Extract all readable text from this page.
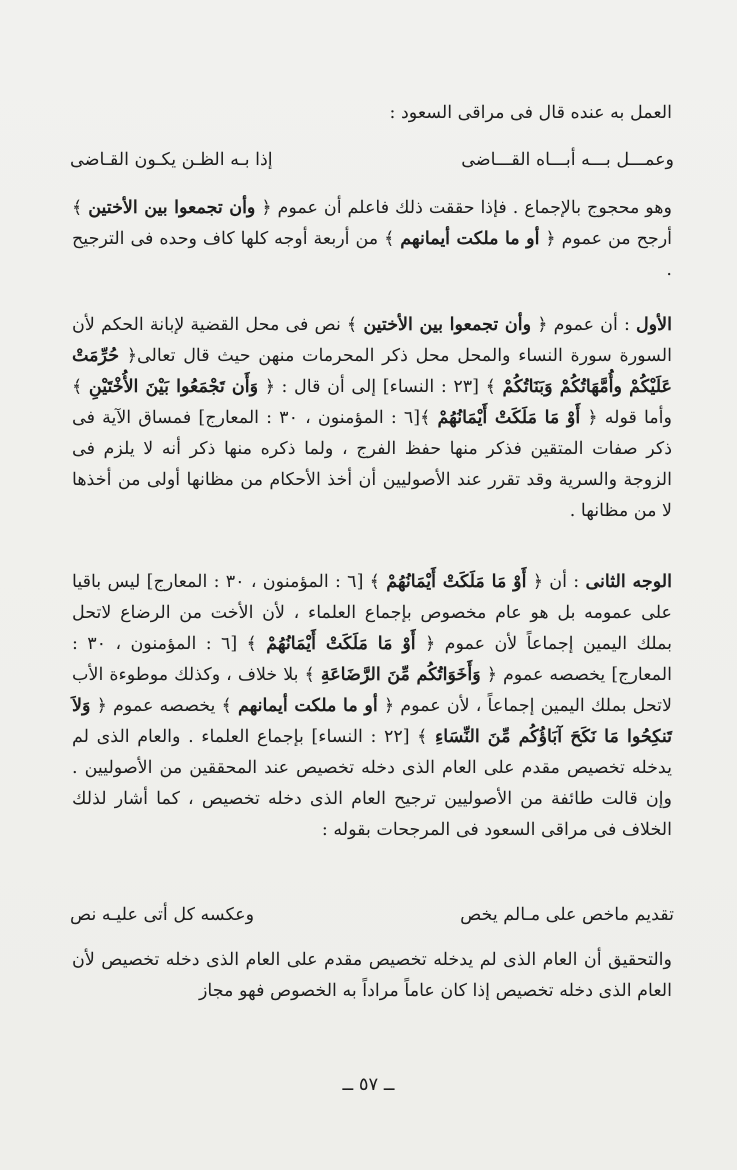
العمل به عنده قال فى مراقى السعود :

وعمـــل بـــه أبـــاه القـــاضى
إذا بـه الظـن يكـون القـاضى

وهو محجوج بالإجماع . فإذا حققت ذلك فاعلم أن عموم ﴿ وأن تجمعوا بين الأختين ﴾ أرجح من عموم ﴿ أو ما ملكت أيمانهم ﴾ من أربعة أوجه كلها كاف وحده فى الترجيح .

الأول : أن عموم ﴿ وأن تجمعوا بين الأختين ﴾ نص فى محل القضية لإبانة الحكم لأن السورة سورة النساء والمحل محل ذكر المحرمات منهن حيث قال تعالى﴿ حُرِّمَتْ عَلَيْكُمْ وأُمَّهَاتُكُمْ وَبَنَاتُكُمْ ﴾ [٢٣ : النساء] إلى أن قال : ﴿ وَأَن تَجْمَعُوا بَيْنَ الأُخْتَيْنِ ﴾ وأما قوله ﴿ أَوْ مَا مَلَكَتْ أَيْمَانُهُمْ ﴾[٦ : المؤمنون ، ٣٠ : المعارج] فمساق الآية فى ذكر صفات المتقين فذكر منها حفظ الفرج ، ولما ذكره منها ذكر أنه لا يلزم فى الزوجة والسرية وقد تقرر عند الأصوليين أن أخذ الأحكام من مظانها أولى من أخذها لا من مظانها .

الوجه الثانى : أن ﴿ أَوْ مَا مَلَكَتْ أَيْمَانُهُمْ ﴾ [٦ : المؤمنون ، ٣٠ : المعارج] ليس باقيا على عمومه بل هو عام مخصوص بإجماع العلماء ، لأن الأخت من الرضاع لاتحل بملك اليمين إجماعاً لأن عموم ﴿ أَوْ مَا مَلَكَتْ أَيْمَانُهُمْ ﴾ [٦ : المؤمنون ، ٣٠ : المعارج] يخصصه عموم ﴿ وَأَخَوَاتُكُم مِّنَ الرَّضَاعَةِ ﴾ بلا خلاف ، وكذلك موطوءة الأب لاتحل بملك اليمين إجماعاً ، لأن عموم ﴿ أو ما ملكت أيمانهم ﴾ يخصصه عموم ﴿ وَلاَ تَنكِحُوا مَا نَكَحَ آبَاؤُكُم مِّنَ النِّسَاءِ ﴾ [٢٢ : النساء] بإجماع العلماء . والعام الذى لم يدخله تخصيص مقدم على العام الذى دخله تخصيص عند المحققين من الأصوليين . وإن قالت طائفة من الأصوليين ترجيح العام الذى دخله تخصيص ، كما أشار لذلك الخلاف فى مراقى السعود فى المرجحات بقوله :

تقديم ماخص على مـالم يخص
وعكسه كل أتى عليـه نص

والتحقيق أن العام الذى لم يدخله تخصيص مقدم على العام الذى دخله تخصيص لأن العام الذى دخله تخصيص إذا كان عاماً مراداً به الخصوص فهو مجاز

ــ ٥٧ ــ
